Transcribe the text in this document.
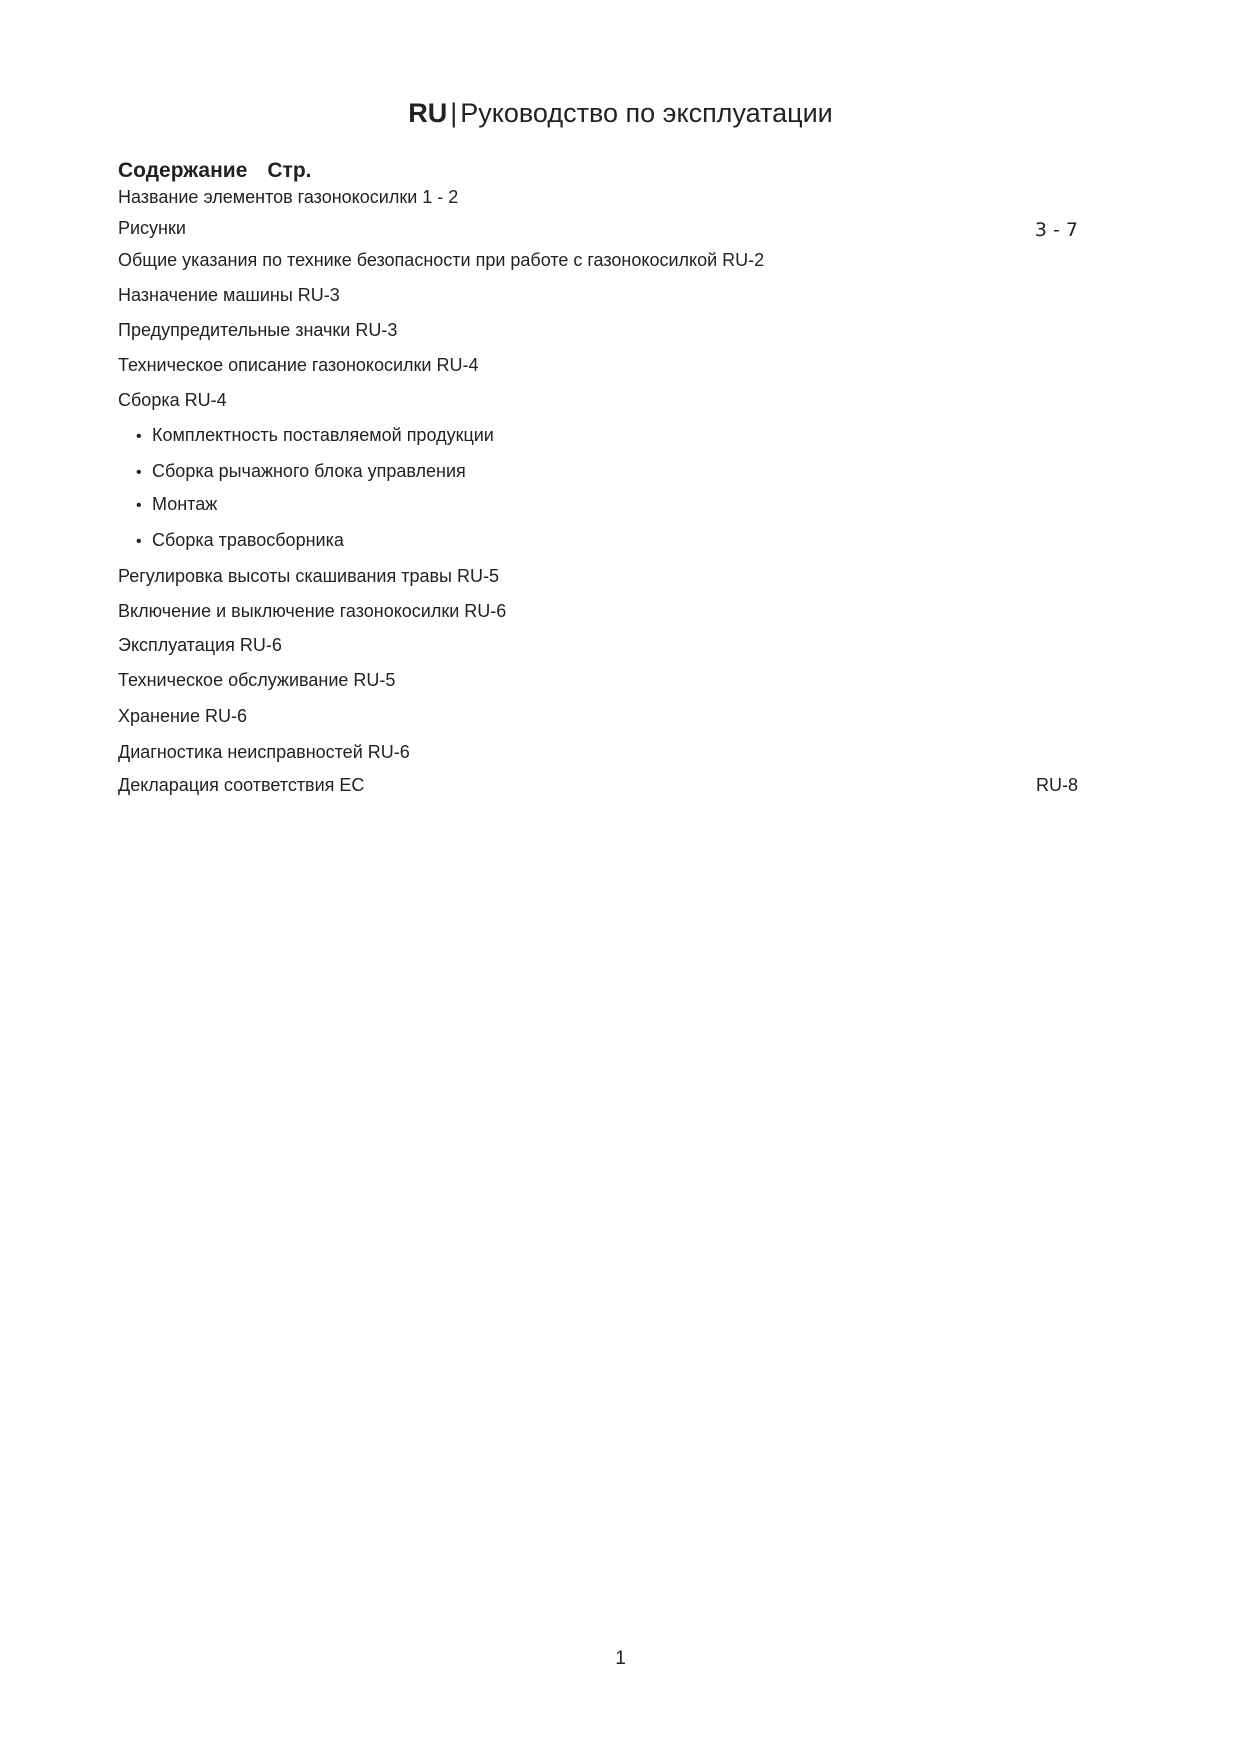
RU | Руководство по эксплуатации
Содержание Стр.
Название элементов газонокосилки 1 - 2
Рисунки	3 - 7
Общие указания по технике безопасности при работе с газонокосилкой RU-2
Назначение машины RU-3
Предупредительные значки RU-3
Техническое описание газонокосилки RU-4
Сборка RU-4
• Комплектность поставляемой продукции
• Сборка рычажного блока управления
• Монтаж
• Сборка травосборника
Регулировка высоты скашивания травы RU-5
Включение и выключение газонокосилки RU-6
Эксплуатация RU-6
Техническое обслуживание RU-5
Хранение RU-6
Диагностика неисправностей RU-6
Декларация соответствия ЕС	RU-8
1
